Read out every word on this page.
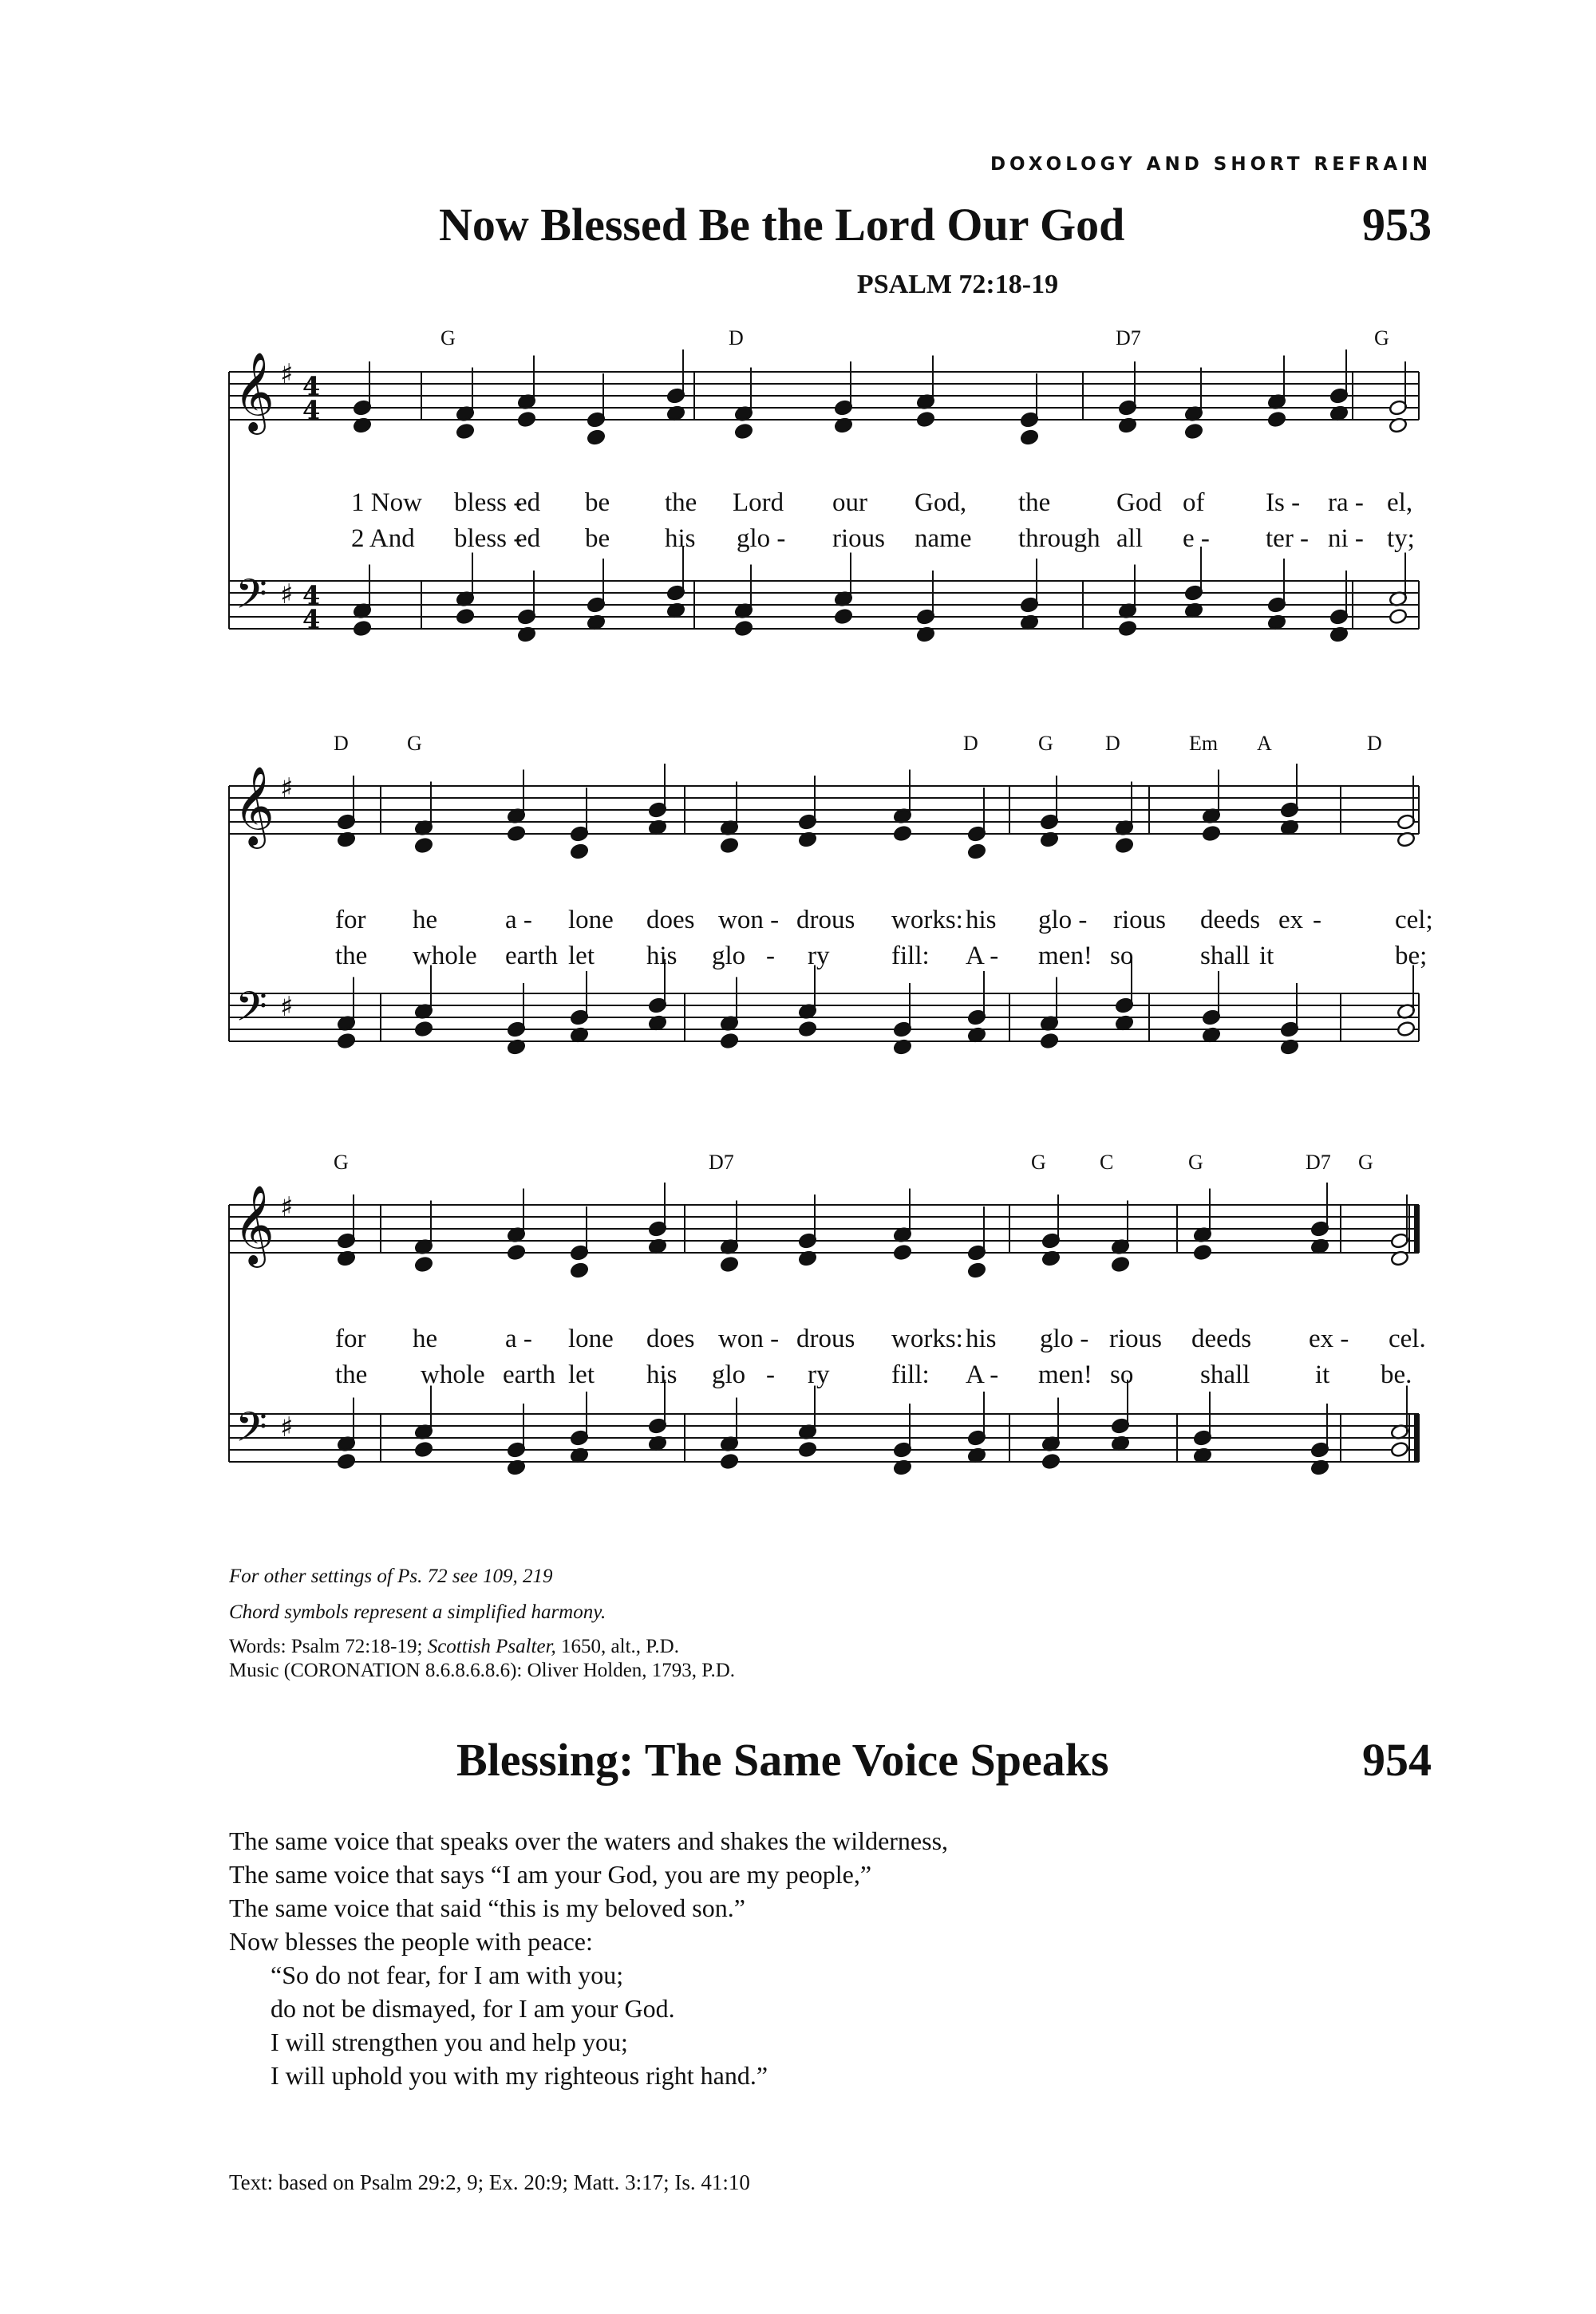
DOXOLOGY AND SHORT REFRAIN
Now Blessed Be the Lord Our God	953
PSALM 72:18-19
𝄞 ♯ 4
4
𝄢 ♯ 4
4
G	D	D7	G
1 Now bless -
ed be the Lord our God, the	God of Is - ra - el,
2 And bless -
ed be his glo - rious name through all e - ter - ni - ty;
𝄞 ♯
𝄢 ♯
D	G	D	G	D	Em A	D
for he	a - lone does won - drous works: his glo - rious deeds ex -	cel;
the whole earth let his glo - ry fill: A - men! so	shall it	be;
𝄞 ♯
𝄢 ♯
G	D7	G	C	G	D7 G
for he	a - lone does won - drous works: his glo - rious deeds ex - cel.
the whole earth let his glo - ry fill: A - men! so	shall it be.
For other settings of Ps. 72 see 109, 219
Chord symbols represent a simplified harmony.
Words: Psalm 72:18-19; Scottish Psalter, 1650, alt., P.D.
Music (CORONATION 8.6.8.6.8.6): Oliver Holden, 1793, P.D.
Blessing: The Same Voice Speaks	954
The same voice that speaks over the waters and shakes the wilderness,
The same voice that says “I am your God, you are my people,”
The same voice that said “this is my beloved son.”
Now blesses the people with peace:
“So do not fear, for I am with you;
do not be dismayed, for I am your God.
I will strengthen you and help you;
I will uphold you with my righteous right hand.”
Text: based on Psalm 29:2, 9; Ex. 20:9; Matt. 3:17; Is. 41:10
